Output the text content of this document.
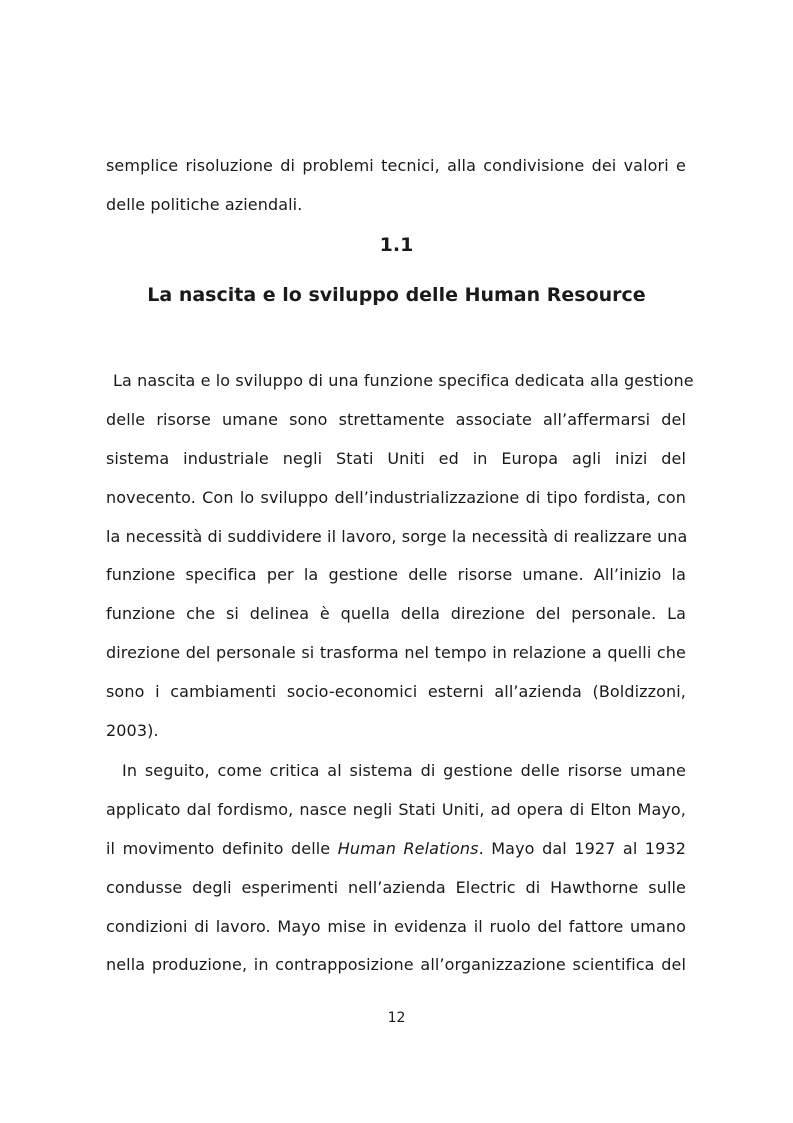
semplice risoluzione di problemi tecnici, alla condivisione dei valori e
delle politiche aziendali.
1.1
La nascita e lo sviluppo delle Human Resource
La nascita e lo sviluppo di una funzione specifica dedicata alla gestione
delle risorse umane sono strettamente associate all’affermarsi del
sistema industriale negli Stati Uniti ed in Europa agli inizi del
novecento. Con lo sviluppo dell’industrializzazione di tipo fordista, con
la necessità di suddividere il lavoro, sorge la necessità di realizzare una
funzione specifica per la gestione delle risorse umane. All’inizio la
funzione che si delinea è quella della direzione del personale. La
direzione del personale si trasforma nel tempo in relazione a quelli che
sono i cambiamenti socio-economici esterni all’azienda (Boldizzoni,
2003).
In seguito, come critica al sistema di gestione delle risorse umane
applicato dal fordismo, nasce negli Stati Uniti, ad opera di Elton Mayo,
il movimento definito delle Human Relations. Mayo dal 1927 al 1932
condusse degli esperimenti nell’azienda Electric di Hawthorne sulle
condizioni di lavoro. Mayo mise in evidenza il ruolo del fattore umano
nella produzione, in contrapposizione all’organizzazione scientifica del
12
